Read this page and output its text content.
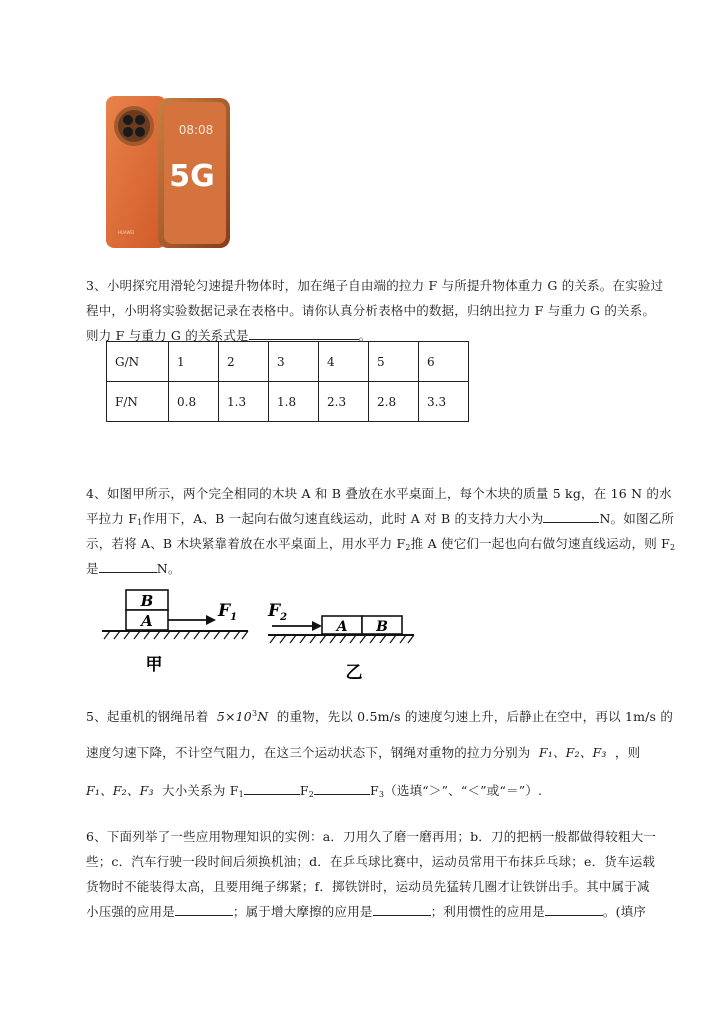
08:08
5G
HUAWEI
3、小明探究用滑轮匀速提升物体时，加在绳子自由端的拉力 F 与所提升物体重力 G 的关系。在实验过
程中，小明将实验数据记录在表格中。请你认真分析表格中的数据，归纳出拉力 F 与重力 G 的关系。
则力 F 与重力 G 的关系式是	。
G/N	1	2	3	4	5	6
F/N	0.8	1.3	1.8	2.3	2.8	3.3
4、如图甲所示，两个完全相同的木块 A 和 B 叠放在水平桌面上，每个木块的质量 5 kg，在 16 N 的水
平拉力 $F_1$作用下，A、B 一起向右做匀速直线运动，此时 A 对 B 的支持力大小为	N。如图乙所
示，若将 A、B 木块紧靠着放在水平桌面上，用水平力 $F_2$推 A 使它们一起也向右做匀速直线运动，则 $F_2$
是	N。
B
A	$F_1$
甲
$F_2$
A B
乙
5、起重机的钢绳吊着 $5\times 10^3N$ 的重物，先以 0.5m/s 的速度匀速上升，后静止在空中，再以 1m/s 的
速度匀速下降，不计空气阻力，在这三个运动状态下，钢绳对重物的拉力分别为 F₁、F₂、F₃ ，则
F₁、F₂、F₃ 大小关系为 $F_1$	$F_2$	$F_3$（选填“＞”、“＜”或“＝”）.
6、下面列举了一些应用物理知识的实例：a．刀用久了磨一磨再用；b．刀的把柄一般都做得较粗大一
些；c．汽车行驶一段时间后须换机油；d．在乒乓球比赛中，运动员常用干布抹乒乓球；e．货车运载
货物时不能装得太高，且要用绳子绑紧；f．掷铁饼时，运动员先猛转几圈才让铁饼出手。其中属于减
小压强的应用是	；属于增大摩擦的应用是	；利用惯性的应用是	。(填序
